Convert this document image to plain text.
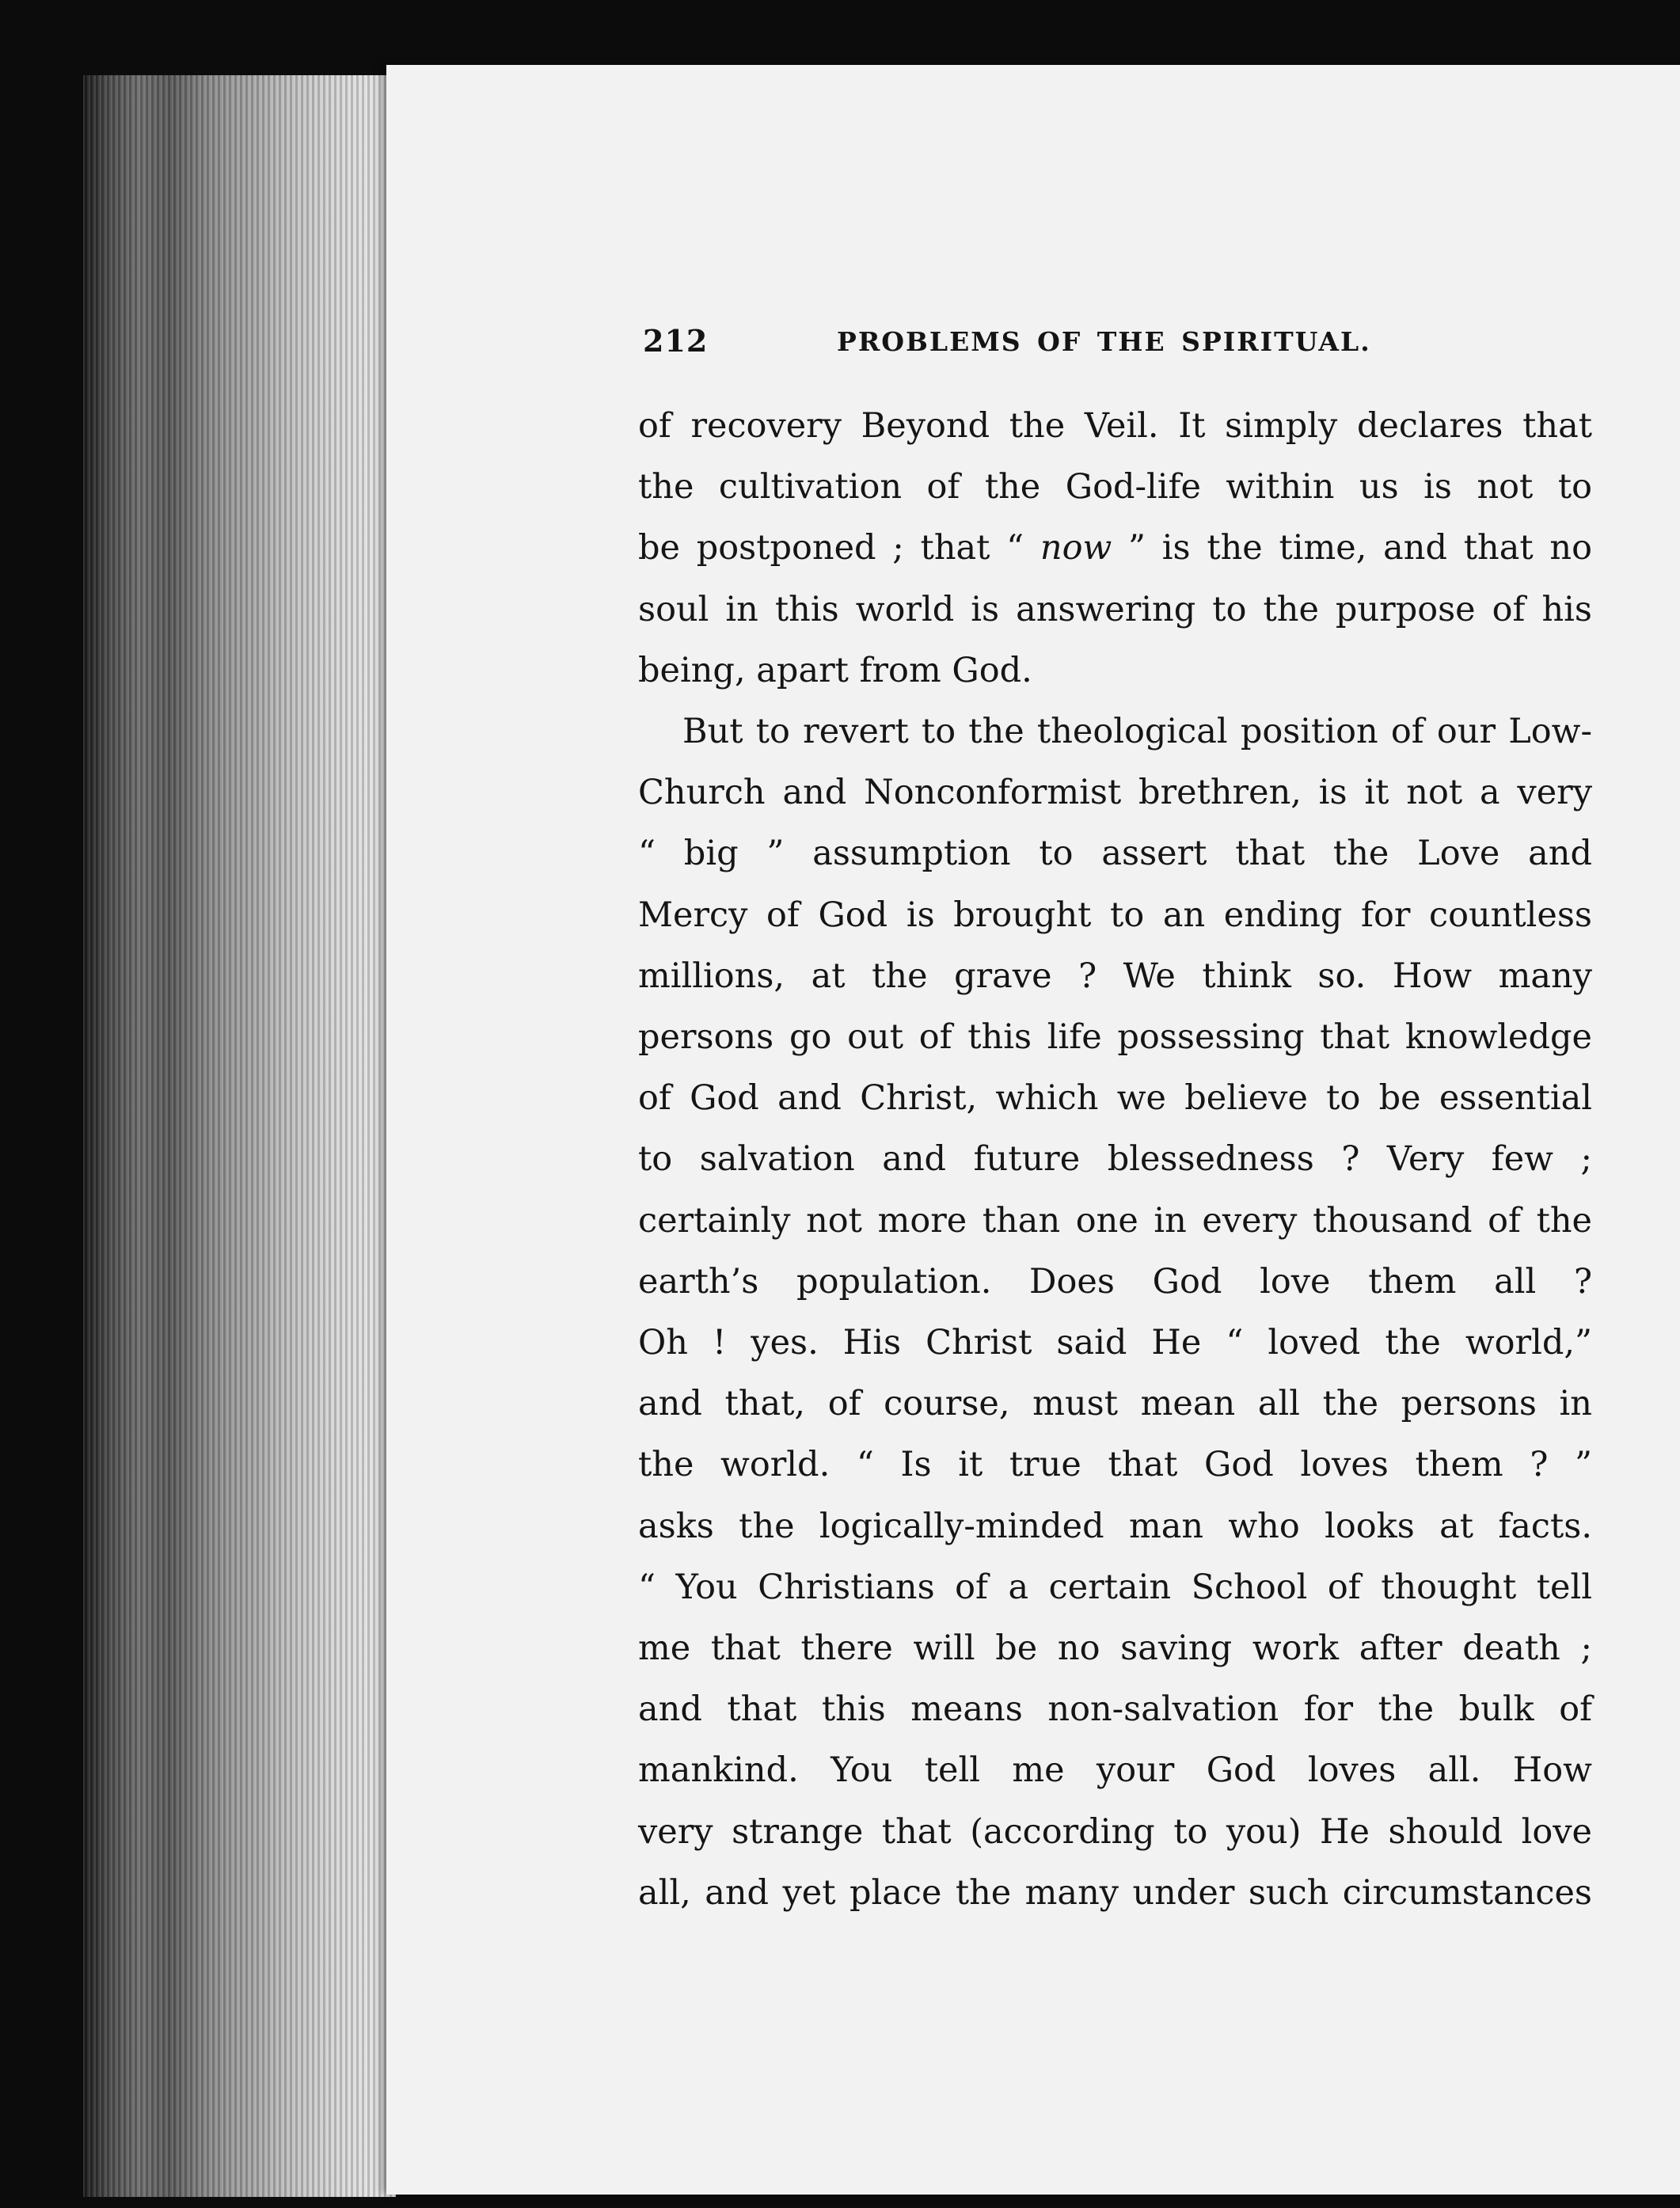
212	PROBLEMS OF THE SPIRITUAL.

of recovery Beyond the Veil. It simply declares that
the cultivation of the God-life within us is not to
be postponed ; that “ now ” is the time, and that no
soul in this world is answering to the purpose of his
being, apart from God.

But to revert to the theological position of our Low-
Church and Nonconformist brethren, is it not a very
“ big ” assumption to assert that the Love and
Mercy of God is brought to an ending for countless
millions, at the grave ? We think so. How many
persons go out of this life possessing that knowledge
of God and Christ, which we believe to be essential
to salvation and future blessedness ? Very few ;
certainly not more than one in every thousand of the
earth’s population. Does God love them all ?
Oh ! yes. His Christ said He “ loved the world,”
and that, of course, must mean all the persons in
the world. “ Is it true that God loves them ? ”
asks the logically-minded man who looks at facts.
“ You Christians of a certain School of thought tell
me that there will be no saving work after death ;
and that this means non-salvation for the bulk of
mankind. You tell me your God loves all. How
very strange that (according to you) He should love
all, and yet place the many under such circumstances
